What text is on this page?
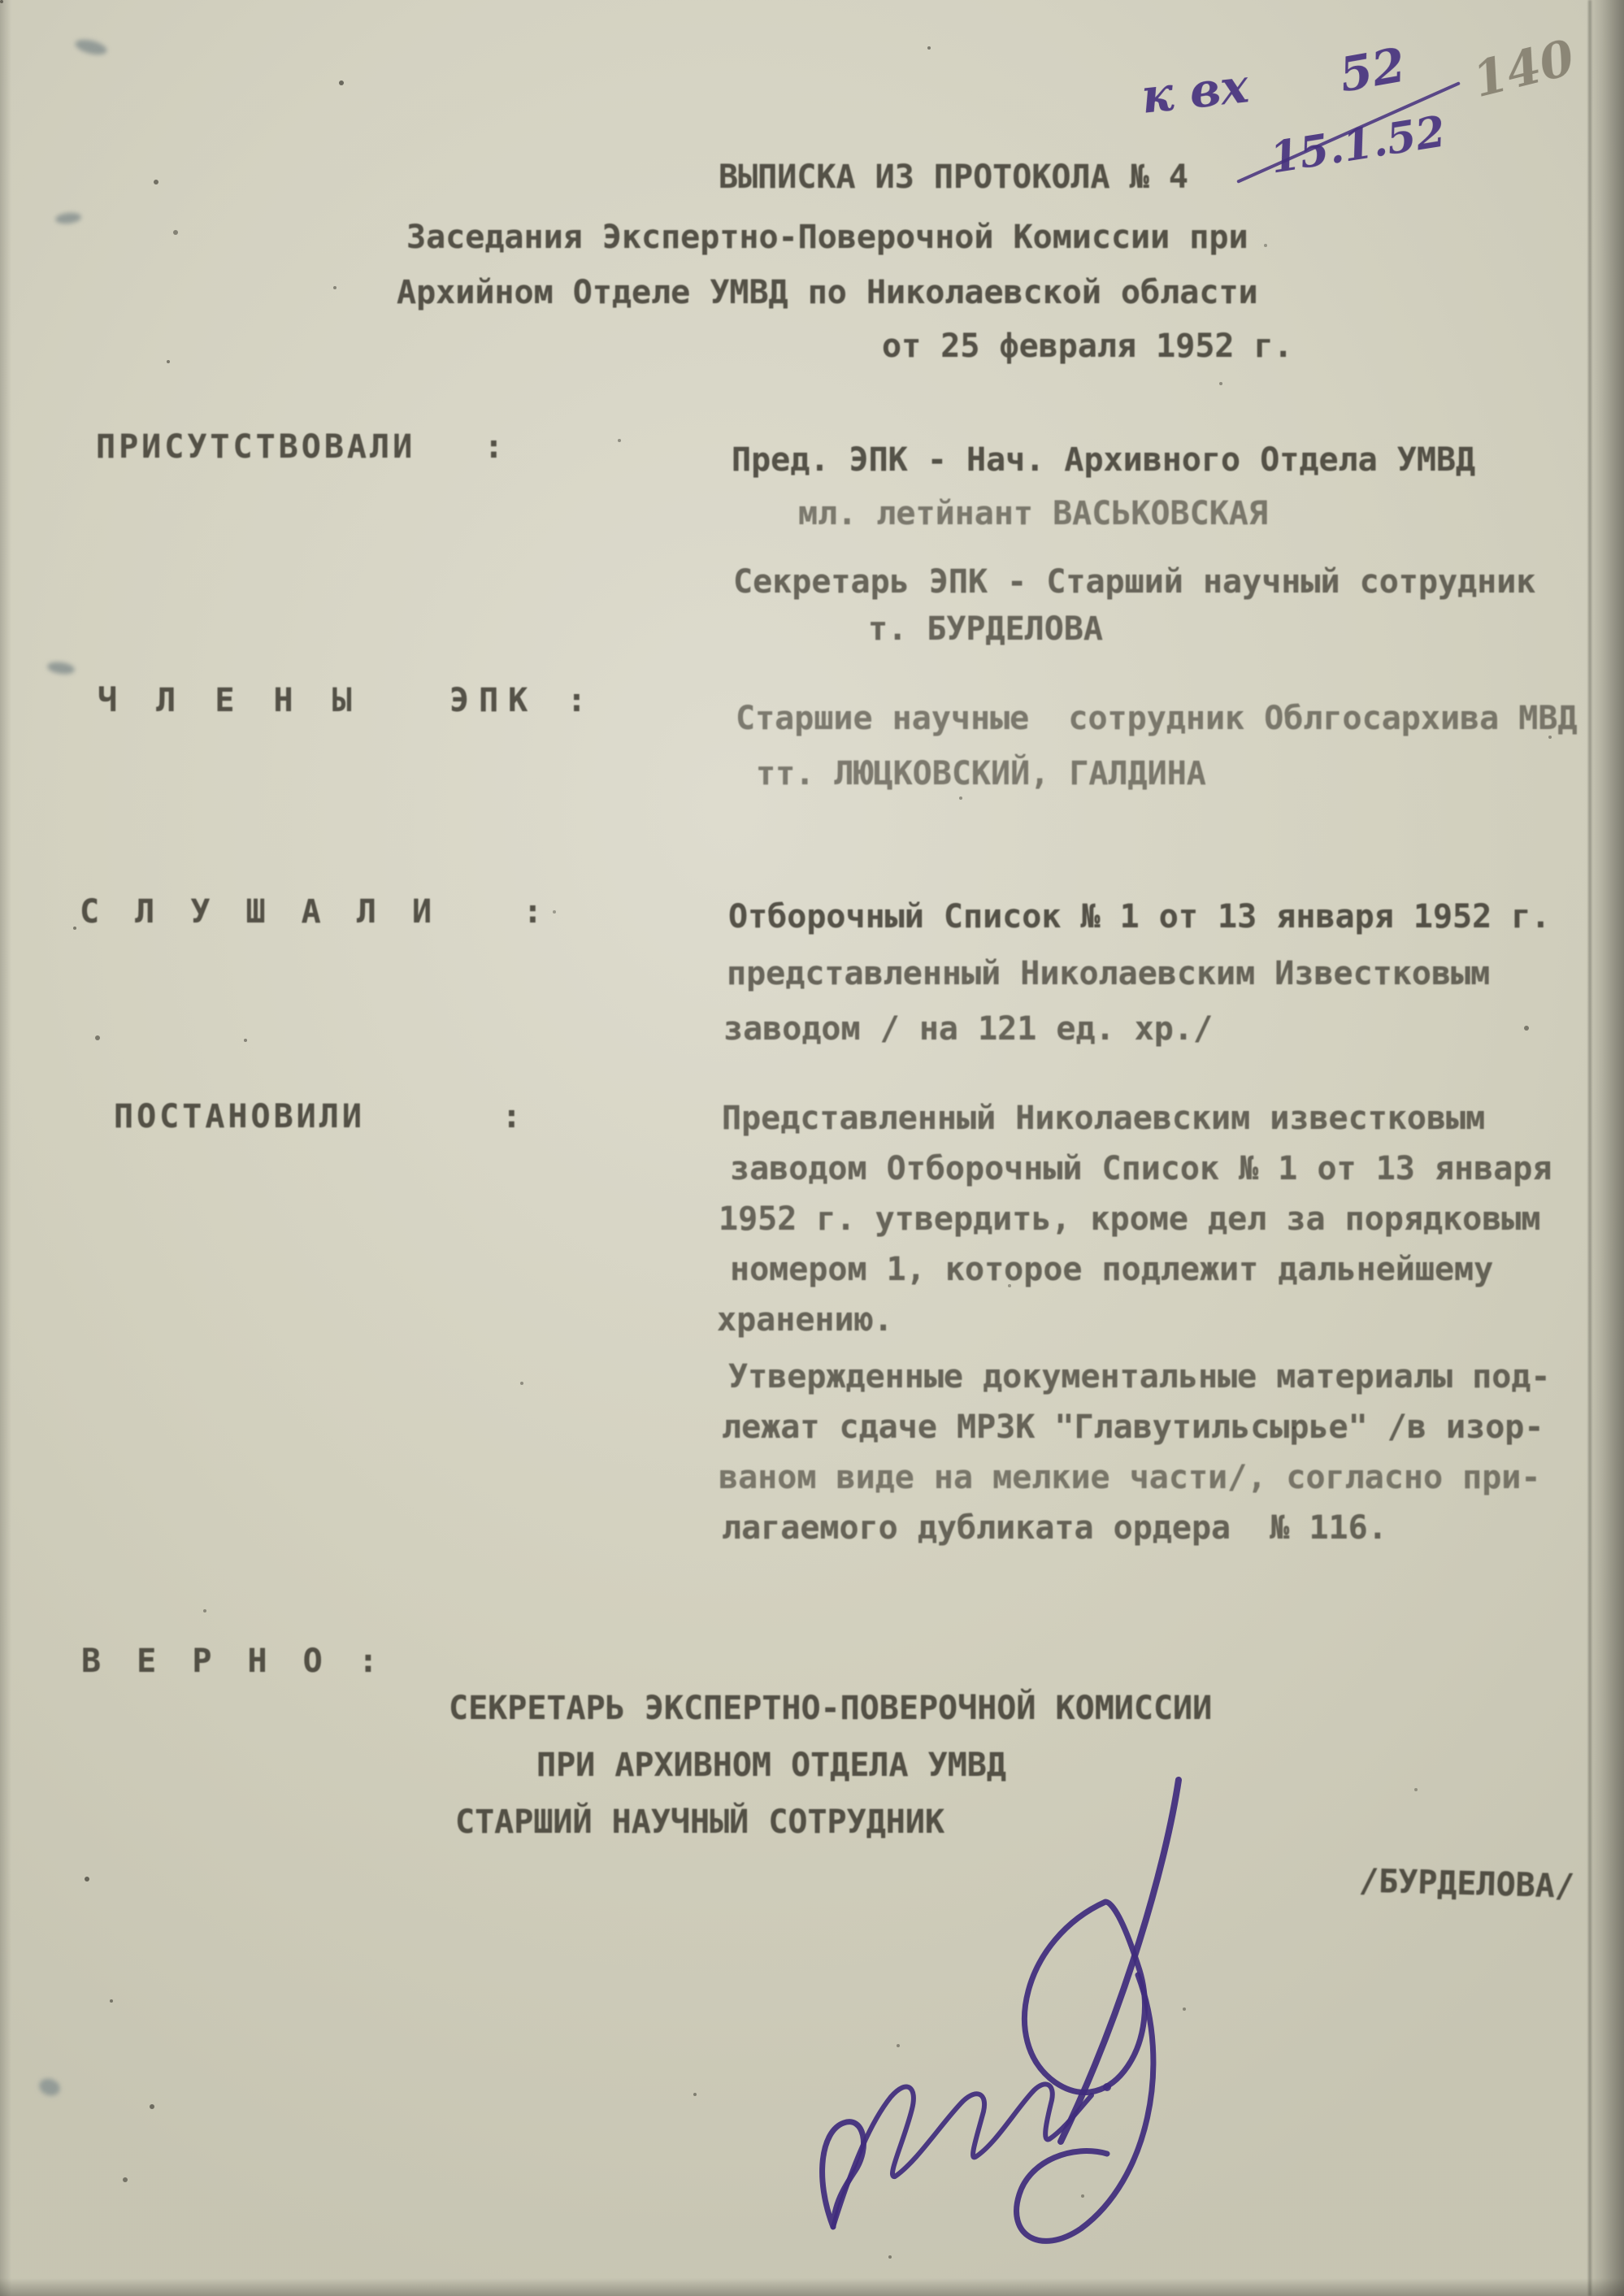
к вх 52
15.1.52
140
ВЫПИСКА ИЗ ПРОТОКОЛА № 4
Заседания Экспертно-Поверочной Комиссии при
Архийном Отделе УМВД по Николаевской области
от 25 февраля 1952 г.
ПРИСУТСТВОВАЛИ   :	Пред. ЭПК - Нач. Архивного Отдела УМВД
мл. летйнант ВАСЬКОВСКАЯ
Секретарь ЭПК - Старший научный сотрудник
т. БУРДЕЛОВА
Ч Л Е Н Ы   ЭПК :	Старшие научные  сотрудник Облгосархива МВД
тт. ЛЮЦКОВСКИЙ, ГАЛДИНА
С Л У Ш А Л И   :	Отборочный Список № 1 от 13 января 1952 г.
представленный Николаевским Известковым
заводом / на 121 ед. хр./
ПОСТАНОВИЛИ      :	Представленный Николаевским известковым
заводом Отборочный Список № 1 от 13 января
1952 г. утвердить, кроме дел за порядковым
номером 1, которое подлежит дальнейшему
хранению.
Утвержденные документальные материалы под-
лежат сдаче МРЗК "Главутильсырье" /в изор-
ваном виде на мелкие части/, согласно при-
лагаемого дубликата ордера  № 116.
В Е Р Н О :
СЕКРЕТАРЬ ЭКСПЕРТНО-ПОВЕРОЧНОЙ КОМИССИИ
ПРИ АРХИВНОМ ОТДЕЛА УМВД
СТАРШИЙ НАУЧНЫЙ СОТРУДНИК
/БУРДЕЛОВА/
